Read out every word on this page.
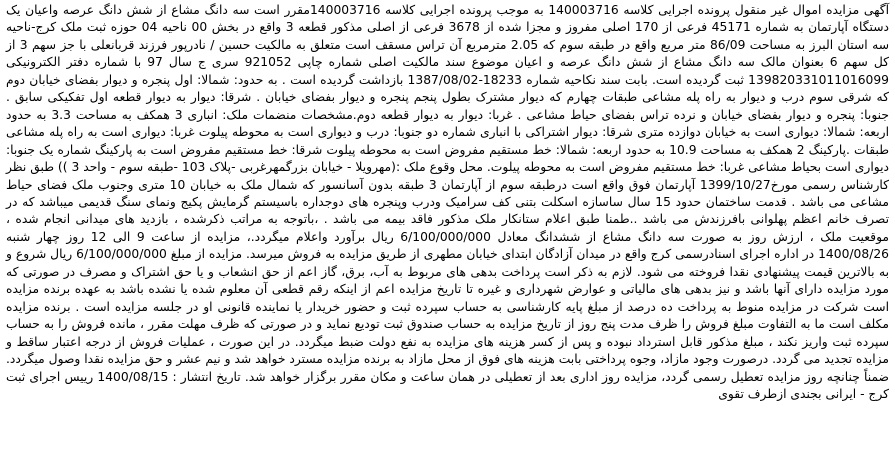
آگهی مزایده اموال غیر منقول پرونده اجرایی کلاسه 140003716 به موجب پرونده اجرایی کلاسه 140003716مقرر است سه دانگ مشاع از شش دانگ عرصه واعیان یک دستگاه آپارتمان به شماره 45171 فرعی از 170 اصلی مفروز و مجزا شده از 3678 فرعی از اصلی مذکور قطعه 3 واقع در بخش 00 ناحیه 04 حوزه ثبت ملک کرج-ناحیه سه استان البرز به مساحت 86/09 متر مربع واقع در طبقه سوم که 2.05 مترمربع آن تراس مسقف است متعلق به مالکیت حسین / نادرپور فرزند قربانعلی با جز سهم 3 از کل سهم 6 بعنوان مالک سه دانگ مشاع از شش دانگ عرصه و اعیان موضوع سند مالکیت اصلی شماره چاپی 921052 سری ج سال 97 با شماره دفتر الکترونیکی 139820331011016099 ثبت گردیده است. بابت سند نکاحیه شماره 18233-1387/08/02 بازداشت گردیده است . به حدود: شمالا: اول پنجره و دیوار بفضای خیابان دوم که شرقی سوم درب و دیوار به راه پله مشاعی طبقات چهارم که دیوار مشترک بطول پنجم پنجره و دیوار بفضای خیابان . شرقا: دیوار به دیوار قطعه اول تفکیکی سابق . جنوبا: پنجره و دیوار بفضای خیابان و نرده تراس بفضای حیاط مشاعی . غربا: دیوار به دیوار قطعه دوم.مشخصات منضمات ملک: انباری 3 همکف به مساحت 3.3 به حدود اربعه: شمالا: دیواری است به خیابان دوازده متری شرقا: دیوار اشتراکی با انباری شماره دو جنوبا: درب و دیواری است به محوطه پیلوت غربا: دیواری است به راه پله مشاعی طبقات .پارکینگ 2 همکف به مساحت 10.9 به حدود اربعه: شمالا: خط مستقیم مفروض است به محوطه پیلوت شرقا: خط مستقیم مفروض است به پارکینگ شماره یک جنوبا: دیواری است بحیاط مشاعی غربا: خط مستقیم مفروض است به محوطه پیلوت. محل وقوع ملک :(مهرویلا - خیابان بزرگمهرغربی -پلاک 103 -طبقه سوم - واحد 3 )) طبق نظر کارشناس رسمی مورخ1399/10/27 آپارتمان فوق واقع است درطبقه سوم از آپارتمان 3 طبقه بدون آسانسور که شمال ملک به خیابان 10 متری وجنوب ملک فضای حیاط مشاعی می باشد . قدمت ساختمان حدود 15 سال ساسازه اسکلت بتنی کف سرامیک ودرب وپنجره های دوجداره باسیستم گرمایش پکیج ونمای سنگ قدیمی میباشد که در تصرف خانم اعظم پهلوانی بافرزندش می باشد ..طمنا طبق اعلام ستانکار ملک مذکور فاقد بیمه می باشد . ،باتوجه به مراتب ذکرشده ، بازدید های میدانی انجام شده ، موقعیت ملک ، ارزش روز به صورت سه دانگ مشاع از ششدانگ معادل 6/100/000/000 ریال برآورد واعلام میگردد.، مزایده از ساعت 9 الی 12 روز چهار شنبه 1400/08/26 در اداره اجرای اسنادرسمی کرج واقع در میدان آزادگان ابتدای خیابان مطهری از طریق مزایده به فروش میرسد. مزایده از مبلغ 6/100/000/000 ریال شروع و به بالاترین قیمت پیشنهادی نقدا فروخته می شود. لازم به ذکر است پرداخت بدهی های مربوط به آب، برق، گاز اعم از حق انشعاب و یا حق اشتراک و مصرف در صورتی که مورد مزایده دارای آنها باشد و نیز بدهی های مالیاتی و عوارض شهرداری و غیره تا تاریخ مزایده اعم از اینکه رقم قطعی آن معلوم شده یا نشده باشد به عهده برنده مزایده است شرکت در مزایده منوط به پرداخت ده درصد از مبلغ پایه کارشناسی به حساب سپرده ثبت و حضور خریدار یا نماینده قانونی او در جلسه مزایده است . برنده مزایده مکلف است ما به التفاوت مبلغ فروش را ظرف مدت پنج روز از تاریخ مزایده به حساب صندوق ثبت تودیع نماید و در صورتی که ظرف مهلت مقرر ، مانده فروش را به حساب سپرده ثبت واریز نکند ، مبلغ مذکور قابل استرداد نبوده و پس از کسر هزینه های مزایده به نفع دولت ضبط میگردد. در این صورت ، عملیات فروش از درجه اعتبار ساقط و مزایده تجدید می گردد. درصورت وجود مازاد، وجوه پرداختی بابت هزینه های فوق از محل مازاد به برنده مزایده مسترد خواهد شد و نیم عشر و حق مزایده نقدا وصول میگردد. ضمناً چنانچه روز مزایده تعطیل رسمی گردد، مزایده روز اداری بعد از تعطیلی در همان ساعت و مکان مقرر برگزار خواهد شد. تاریخ انتشار : 1400/08/15 رییس اجرای ثبت کرج - ایرانی بجندی ازطرف تقوی
